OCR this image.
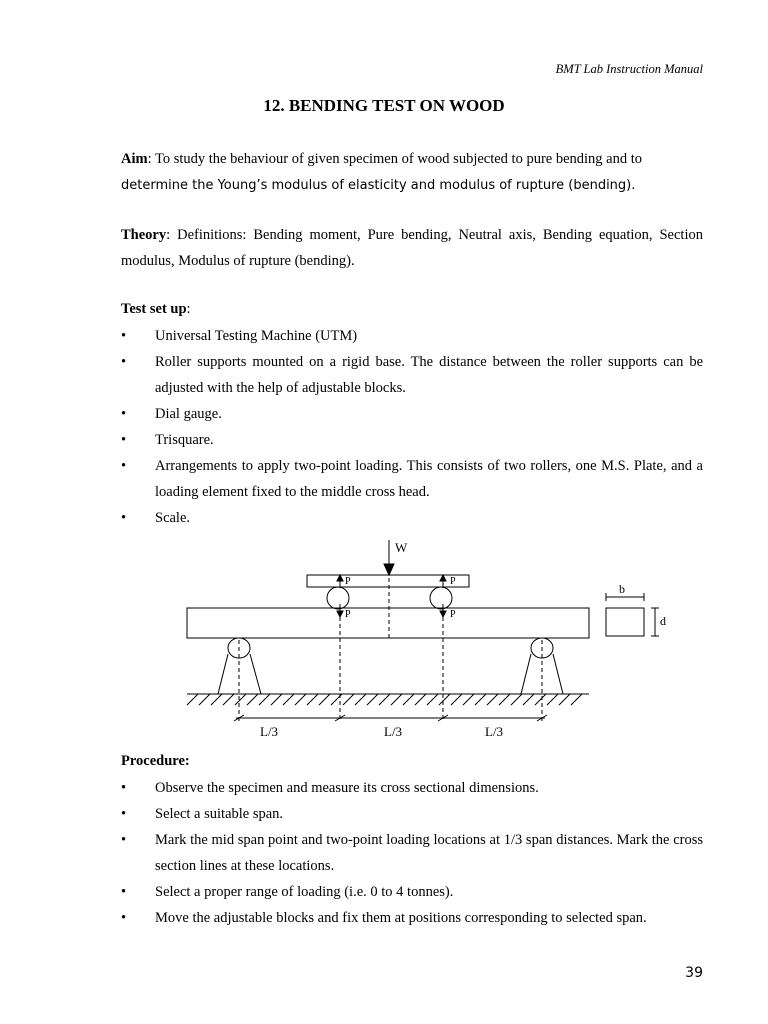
BMT Lab Instruction Manual
12. BENDING TEST ON WOOD
Aim: To study the behaviour of given specimen of wood subjected to pure bending and to
determine the Young’s modulus of elasticity and modulus of rupture (bending).
Theory: Definitions: Bending moment, Pure bending, Neutral axis, Bending equation, Section modulus, Modulus of rupture (bending).
Test set up:
• Universal Testing Machine (UTM)
• Roller supports mounted on a rigid base. The distance between the roller supports can be adjusted with the help of adjustable blocks.
• Dial gauge.
• Trisquare.
• Arrangements to apply two-point loading. This consists of two rollers, one M.S. Plate, and a loading element fixed to the middle cross head.
• Scale.
W
P	P
P	P
L/3	L/3	L/3
b
d
Procedure:
• Observe the specimen and measure its cross sectional dimensions.
• Select a suitable span.
• Mark the mid span point and two-point loading locations at 1/3 span distances. Mark the cross section lines at these locations.
• Select a proper range of loading (i.e. 0 to 4 tonnes).
• Move the adjustable blocks and fix them at positions corresponding to selected span.
39
